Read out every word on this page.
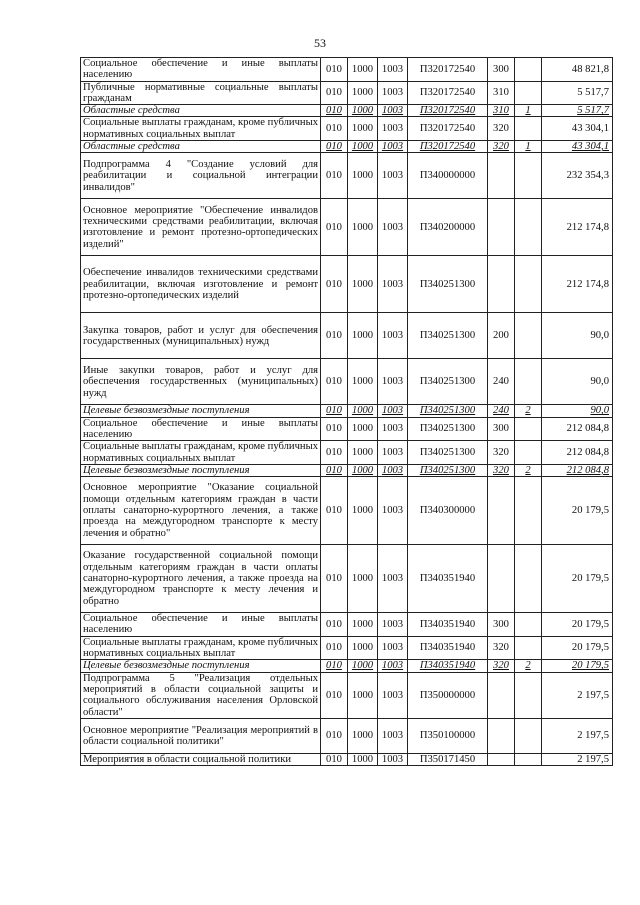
53
Социальное обеспечение и иные выплаты населению	010	1000	1003	П320172540	300		48 821,8
Публичные нормативные социальные выплаты гражданам	010	1000	1003	П320172540	310		5 517,7
Областные средства	010	1000	1003	П320172540	310	1	5 517,7
Социальные выплаты гражданам, кроме публичных нормативных социальных выплат	010	1000	1003	П320172540	320		43 304,1
Областные средства	010	1000	1003	П320172540	320	1	43 304,1
Подпрограмма 4 "Создание условий для реабилитации и социальной интеграции инвалидов"	010	1000	1003	П340000000			232 354,3
Основное мероприятие "Обеспечение инвалидов техническими средствами реабилитации, включая изготовление и ремонт протезно-ортопедических изделий"	010	1000	1003	П340200000			212 174,8
Обеспечение инвалидов техническими средствами реабилитации, включая изготовление и ремонт протезно-ортопедических изделий	010	1000	1003	П340251300			212 174,8
Закупка товаров, работ и услуг для обеспечения государственных (муниципальных) нужд	010	1000	1003	П340251300	200		90,0
Иные закупки товаров, работ и услуг для обеспечения государственных (муниципальных) нужд	010	1000	1003	П340251300	240		90,0
Целевые безвозмездные поступления	010	1000	1003	П340251300	240	2	90,0
Социальное обеспечение и иные выплаты населению	010	1000	1003	П340251300	300		212 084,8
Социальные выплаты гражданам, кроме публичных нормативных социальных выплат	010	1000	1003	П340251300	320		212 084,8
Целевые безвозмездные поступления	010	1000	1003	П340251300	320	2	212 084,8
Основное мероприятие "Оказание социальной помощи отдельным категориям граждан в части оплаты санаторно-курортного лечения, а также проезда на междугородном транспорте к месту лечения и обратно"	010	1000	1003	П340300000			20 179,5
Оказание государственной социальной помощи отдельным категориям граждан в части оплаты санаторно-курортного лечения, а также проезда на междугородном транспорте к месту лечения и обратно	010	1000	1003	П340351940			20 179,5
Социальное обеспечение и иные выплаты населению	010	1000	1003	П340351940	300		20 179,5
Социальные выплаты гражданам, кроме публичных нормативных социальных выплат	010	1000	1003	П340351940	320		20 179,5
Целевые безвозмездные поступления	010	1000	1003	П340351940	320	2	20 179,5
Подпрограмма 5 "Реализация отдельных мероприятий в области социальной защиты и социального обслуживания населения Орловской области"	010	1000	1003	П350000000			2 197,5
Основное мероприятие "Реализация мероприятий в области социальной политики"	010	1000	1003	П350100000			2 197,5
Мероприятия в области социальной политики	010	1000	1003	П350171450			2 197,5
